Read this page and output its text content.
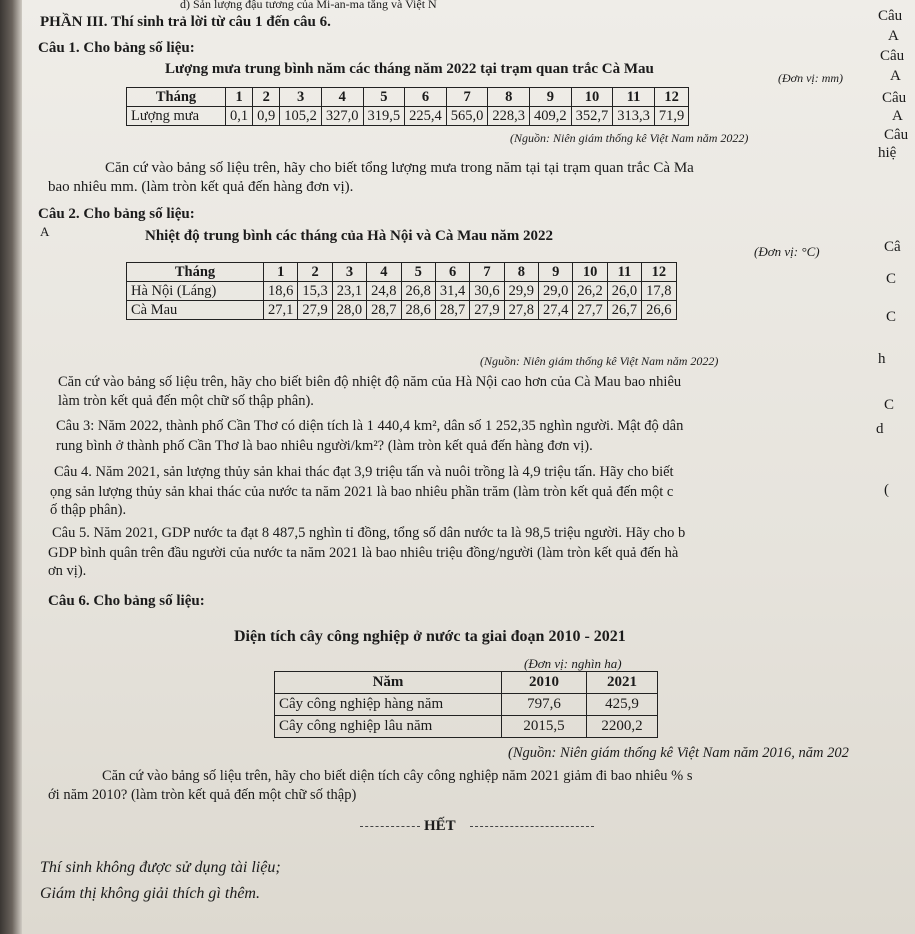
d) Sản lượng đậu tương của Mi-an-ma tăng và Việt N
PHẦN III. Thí sinh trả lời từ câu 1 đến câu 6.
Câu 1. Cho bảng số liệu:
Lượng mưa trung bình năm các tháng năm 2022 tại trạm quan trắc Cà Mau
(Đơn vị: mm)
Tháng	1	2	3	4	5	6	7	8	9	10	11	12
Lượng mưa	0,1	0,9	105,2	327,0	319,5	225,4	565,0	228,3	409,2	352,7	313,3	71,9
(Nguồn: Niên giám thống kê Việt Nam năm 2022)
Căn cứ vào bảng số liệu trên, hãy cho biết tổng lượng mưa trong năm tại tại trạm quan trắc Cà Ma
bao nhiêu mm. (làm tròn kết quả đến hàng đơn vị).
Câu 2. Cho bảng số liệu:
Nhiệt độ trung bình các tháng của Hà Nội và Cà Mau năm 2022
(Đơn vị: °C)
Tháng	1	2	3	4	5	6	7	8	9	10	11	12
Hà Nội (Láng)	18,6	15,3	23,1	24,8	26,8	31,4	30,6	29,9	29,0	26,2	26,0	17,8
Cà Mau	27,1	27,9	28,0	28,7	28,6	28,7	27,9	27,8	27,4	27,7	26,7	26,6
(Nguồn: Niên giám thống kê Việt Nam năm 2022)
Căn cứ vào bảng số liệu trên, hãy cho biết biên độ nhiệt độ năm của Hà Nội cao hơn của Cà Mau bao nhiêu
làm tròn kết quả đến một chữ số thập phân).
Câu 3: Năm 2022, thành phố Cần Thơ có diện tích là 1 440,4 km², dân số 1 252,35 nghìn người. Mật độ dân
rung bình ở thành phố Cần Thơ là bao nhiêu người/km²? (làm tròn kết quả đến hàng đơn vị).
Câu 4. Năm 2021, sản lượng thủy sản khai thác đạt 3,9 triệu tấn và nuôi trồng là 4,9 triệu tấn. Hãy cho biết
ọng sản lượng thủy sản khai thác của nước ta năm 2021 là bao nhiêu phần trăm (làm tròn kết quả đến một c
ố thập phân).
Câu 5. Năm 2021, GDP nước ta đạt 8 487,5 nghìn tỉ đồng, tổng số dân nước ta là 98,5 triệu người. Hãy cho b
GDP bình quân trên đầu người của nước ta năm 2021 là bao nhiêu triệu đồng/người (làm tròn kết quả đến hà
ơn vị).
Câu 6. Cho bảng số liệu:
Diện tích cây công nghiệp ở nước ta giai đoạn 2010 - 2021
(Đơn vị: nghìn ha)
Năm	2010	2021
Cây công nghiệp hàng năm	797,6	425,9
Cây công nghiệp lâu năm	2015,5	2200,2
(Nguồn: Niên giám thống kê Việt Nam năm 2016, năm 202
Căn cứ vào bảng số liệu trên, hãy cho biết diện tích cây công nghiệp năm 2021 giảm đi bao nhiêu % s
ới năm 2010? (làm tròn kết quả đến một chữ số thập)
HẾT
Thí sinh không được sử dụng tài liệu;
Giám thị không giải thích gì thêm.
Câu
A
Câu
A
Câu
A
Câu
hiệ
Câ
C
C
h
C
d
(
A
